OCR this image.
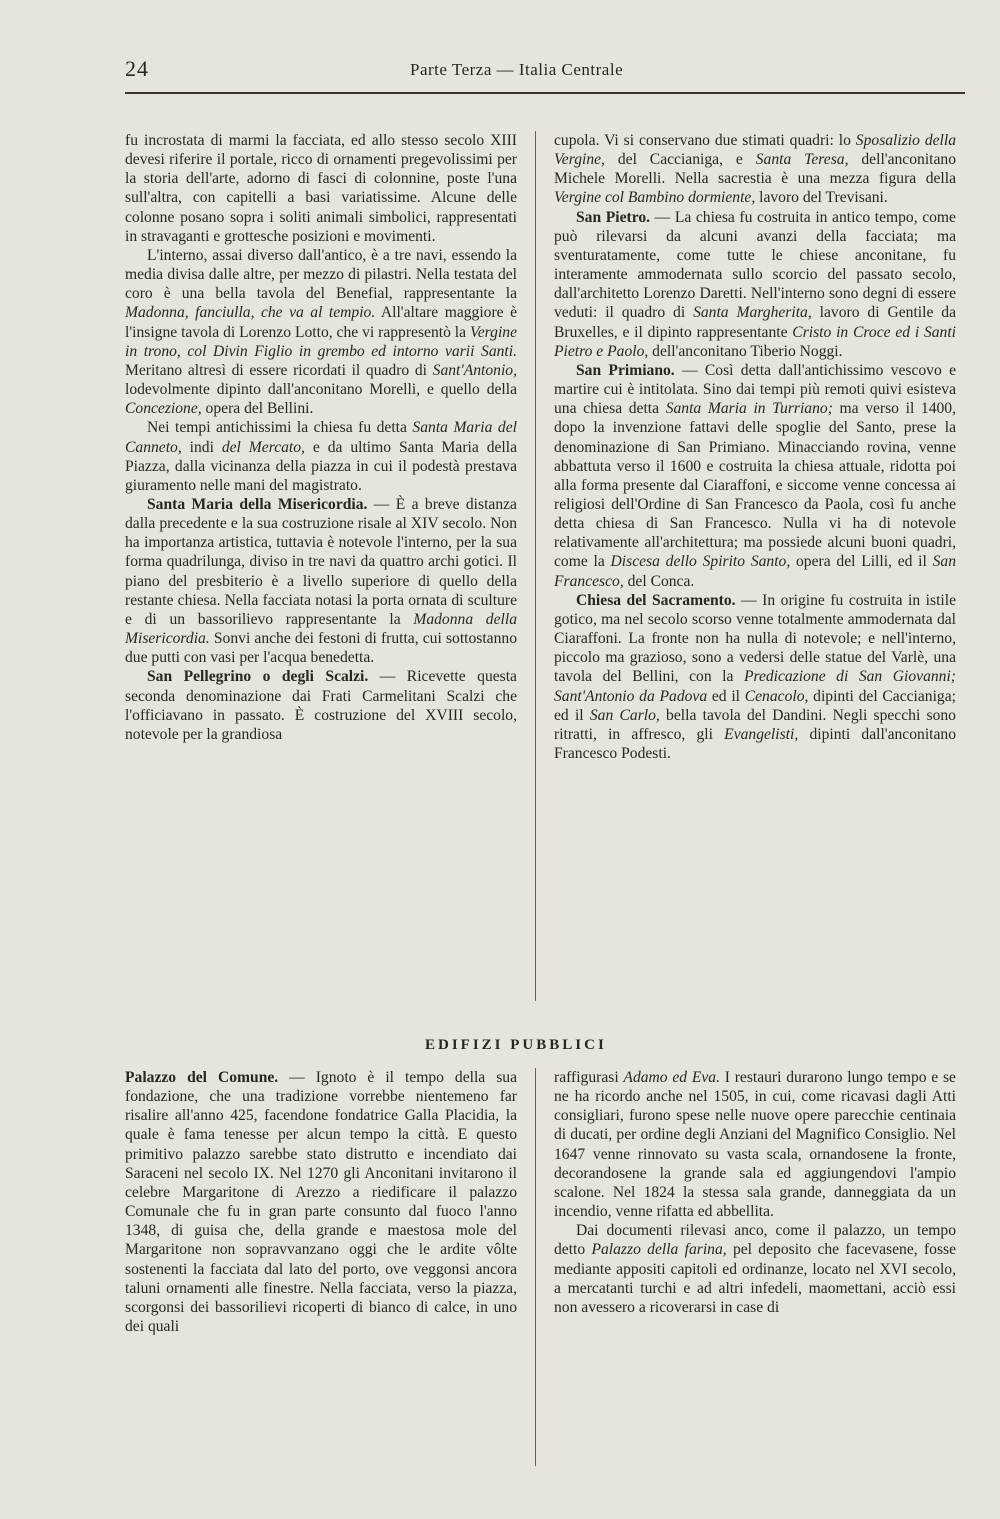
24	Parte Terza — Italia Centrale

fu incrostata di marmi la facciata, ed allo stesso secolo XIII devesi riferire il portale, ricco di ornamenti pregevolissimi per la storia dell'arte, adorno di fasci di colonnine, poste l'una sull'altra, con capitelli a basi variatissime. Alcune delle colonne posano sopra i soliti animali simbolici, rappresentati in stravaganti e grottesche posizioni e movimenti.

L'interno, assai diverso dall'antico, è a tre navi, essendo la media divisa dalle altre, per mezzo di pilastri. Nella testata del coro è una bella tavola del Benefial, rappresentante la Madonna, fanciulla, che va al tempio. All'altare maggiore è l'insigne tavola di Lorenzo Lotto, che vi rappresentò la Vergine in trono, col Divin Figlio in grembo ed intorno varii Santi. Meritano altresì di essere ricordati il quadro di Sant'Antonio, lodevolmente dipinto dall'anconitano Morelli, e quello della Concezione, opera del Bellini.

Nei tempi antichissimi la chiesa fu detta Santa Maria del Canneto, indi del Mercato, e da ultimo Santa Maria della Piazza, dalla vicinanza della piazza in cui il podestà prestava giuramento nelle mani del magistrato.

Santa Maria della Misericordia. — È a breve distanza dalla precedente e la sua costruzione risale al XIV secolo. Non ha importanza artistica, tuttavia è notevole l'interno, per la sua forma quadrilunga, diviso in tre navi da quattro archi gotici. Il piano del presbiterio è a livello superiore di quello della restante chiesa. Nella facciata notasi la porta ornata di sculture e di un bassorilievo rappresentante la Madonna della Misericordia. Sonvi anche dei festoni di frutta, cui sottostanno due putti con vasi per l'acqua benedetta.

San Pellegrino o degli Scalzi. — Ricevette questa seconda denominazione dai Frati Carmelitani Scalzi che l'officiavano in passato. È costruzione del XVIII secolo, notevole per la grandiosa

cupola. Vi si conservano due stimati quadri: lo Sposalizio della Vergine, del Caccianiga, e Santa Teresa, dell'anconitano Michele Morelli. Nella sacrestia è una mezza figura della Vergine col Bambino dormiente, lavoro del Trevisani.

San Pietro. — La chiesa fu costruita in antico tempo, come può rilevarsi da alcuni avanzi della facciata; ma sventuratamente, come tutte le chiese anconitane, fu interamente ammodernata sullo scorcio del passato secolo, dall'architetto Lorenzo Daretti. Nell'interno sono degni di essere veduti: il quadro di Santa Margherita, lavoro di Gentile da Bruxelles, e il dipinto rappresentante Cristo in Croce ed i Santi Pietro e Paolo, dell'anconitano Tiberio Noggi.

San Primiano. — Così detta dall'antichissimo vescovo e martire cui è intitolata. Sino dai tempi più remoti quivi esisteva una chiesa detta Santa Maria in Turriano; ma verso il 1400, dopo la invenzione fattavi delle spoglie del Santo, prese la denominazione di San Primiano. Minacciando rovina, venne abbattuta verso il 1600 e costruita la chiesa attuale, ridotta poi alla forma presente dal Ciaraffoni, e siccome venne concessa ai religiosi dell'Ordine di San Francesco da Paola, così fu anche detta chiesa di San Francesco. Nulla vi ha di notevole relativamente all'architettura; ma possiede alcuni buoni quadri, come la Discesa dello Spirito Santo, opera del Lilli, ed il San Francesco, del Conca.

Chiesa del Sacramento. — In origine fu costruita in istile gotico, ma nel secolo scorso venne totalmente ammodernata dal Ciaraffoni. La fronte non ha nulla di notevole; e nell'interno, piccolo ma grazioso, sono a vedersi delle statue del Varlè, una tavola del Bellini, con la Predicazione di San Giovanni; Sant'Antonio da Padova ed il Cenacolo, dipinti del Caccianiga; ed il San Carlo, bella tavola del Dandini. Negli specchi sono ritratti, in affresco, gli Evangelisti, dipinti dall'anconitano Francesco Podesti.

EDIFIZI PUBBLICI

Palazzo del Comune. — Ignoto è il tempo della sua fondazione, che una tradizione vorrebbe nientemeno far risalire all'anno 425, facendone fondatrice Galla Placidia, la quale è fama tenesse per alcun tempo la città. E questo primitivo palazzo sarebbe stato distrutto e incendiato dai Saraceni nel secolo IX. Nel 1270 gli Anconitani invitarono il celebre Margaritone di Arezzo a riedificare il palazzo Comunale che fu in gran parte consunto dal fuoco l'anno 1348, di guisa che, della grande e maestosa mole del Margaritone non sopravvanzano oggi che le ardite vôlte sostenenti la facciata dal lato del porto, ove veggonsi ancora taluni ornamenti alle finestre. Nella facciata, verso la piazza, scorgonsi dei bassorilievi ricoperti di bianco di calce, in uno dei quali

raffigurasi Adamo ed Eva. I restauri durarono lungo tempo e se ne ha ricordo anche nel 1505, in cui, come ricavasi dagli Atti consigliari, furono spese nelle nuove opere parecchie centinaia di ducati, per ordine degli Anziani del Magnifico Consiglio. Nel 1647 venne rinnovato su vasta scala, ornandosene la fronte, decorandosene la grande sala ed aggiungendovi l'ampio scalone. Nel 1824 la stessa sala grande, danneggiata da un incendio, venne rifatta ed abbellita.

Dai documenti rilevasi anco, come il palazzo, un tempo detto Palazzo della farina, pel deposito che facevasene, fosse mediante appositi capitoli ed ordinanze, locato nel XVI secolo, a mercatanti turchi e ad altri infedeli, maomettani, acciò essi non avessero a ricoverarsi in case di
